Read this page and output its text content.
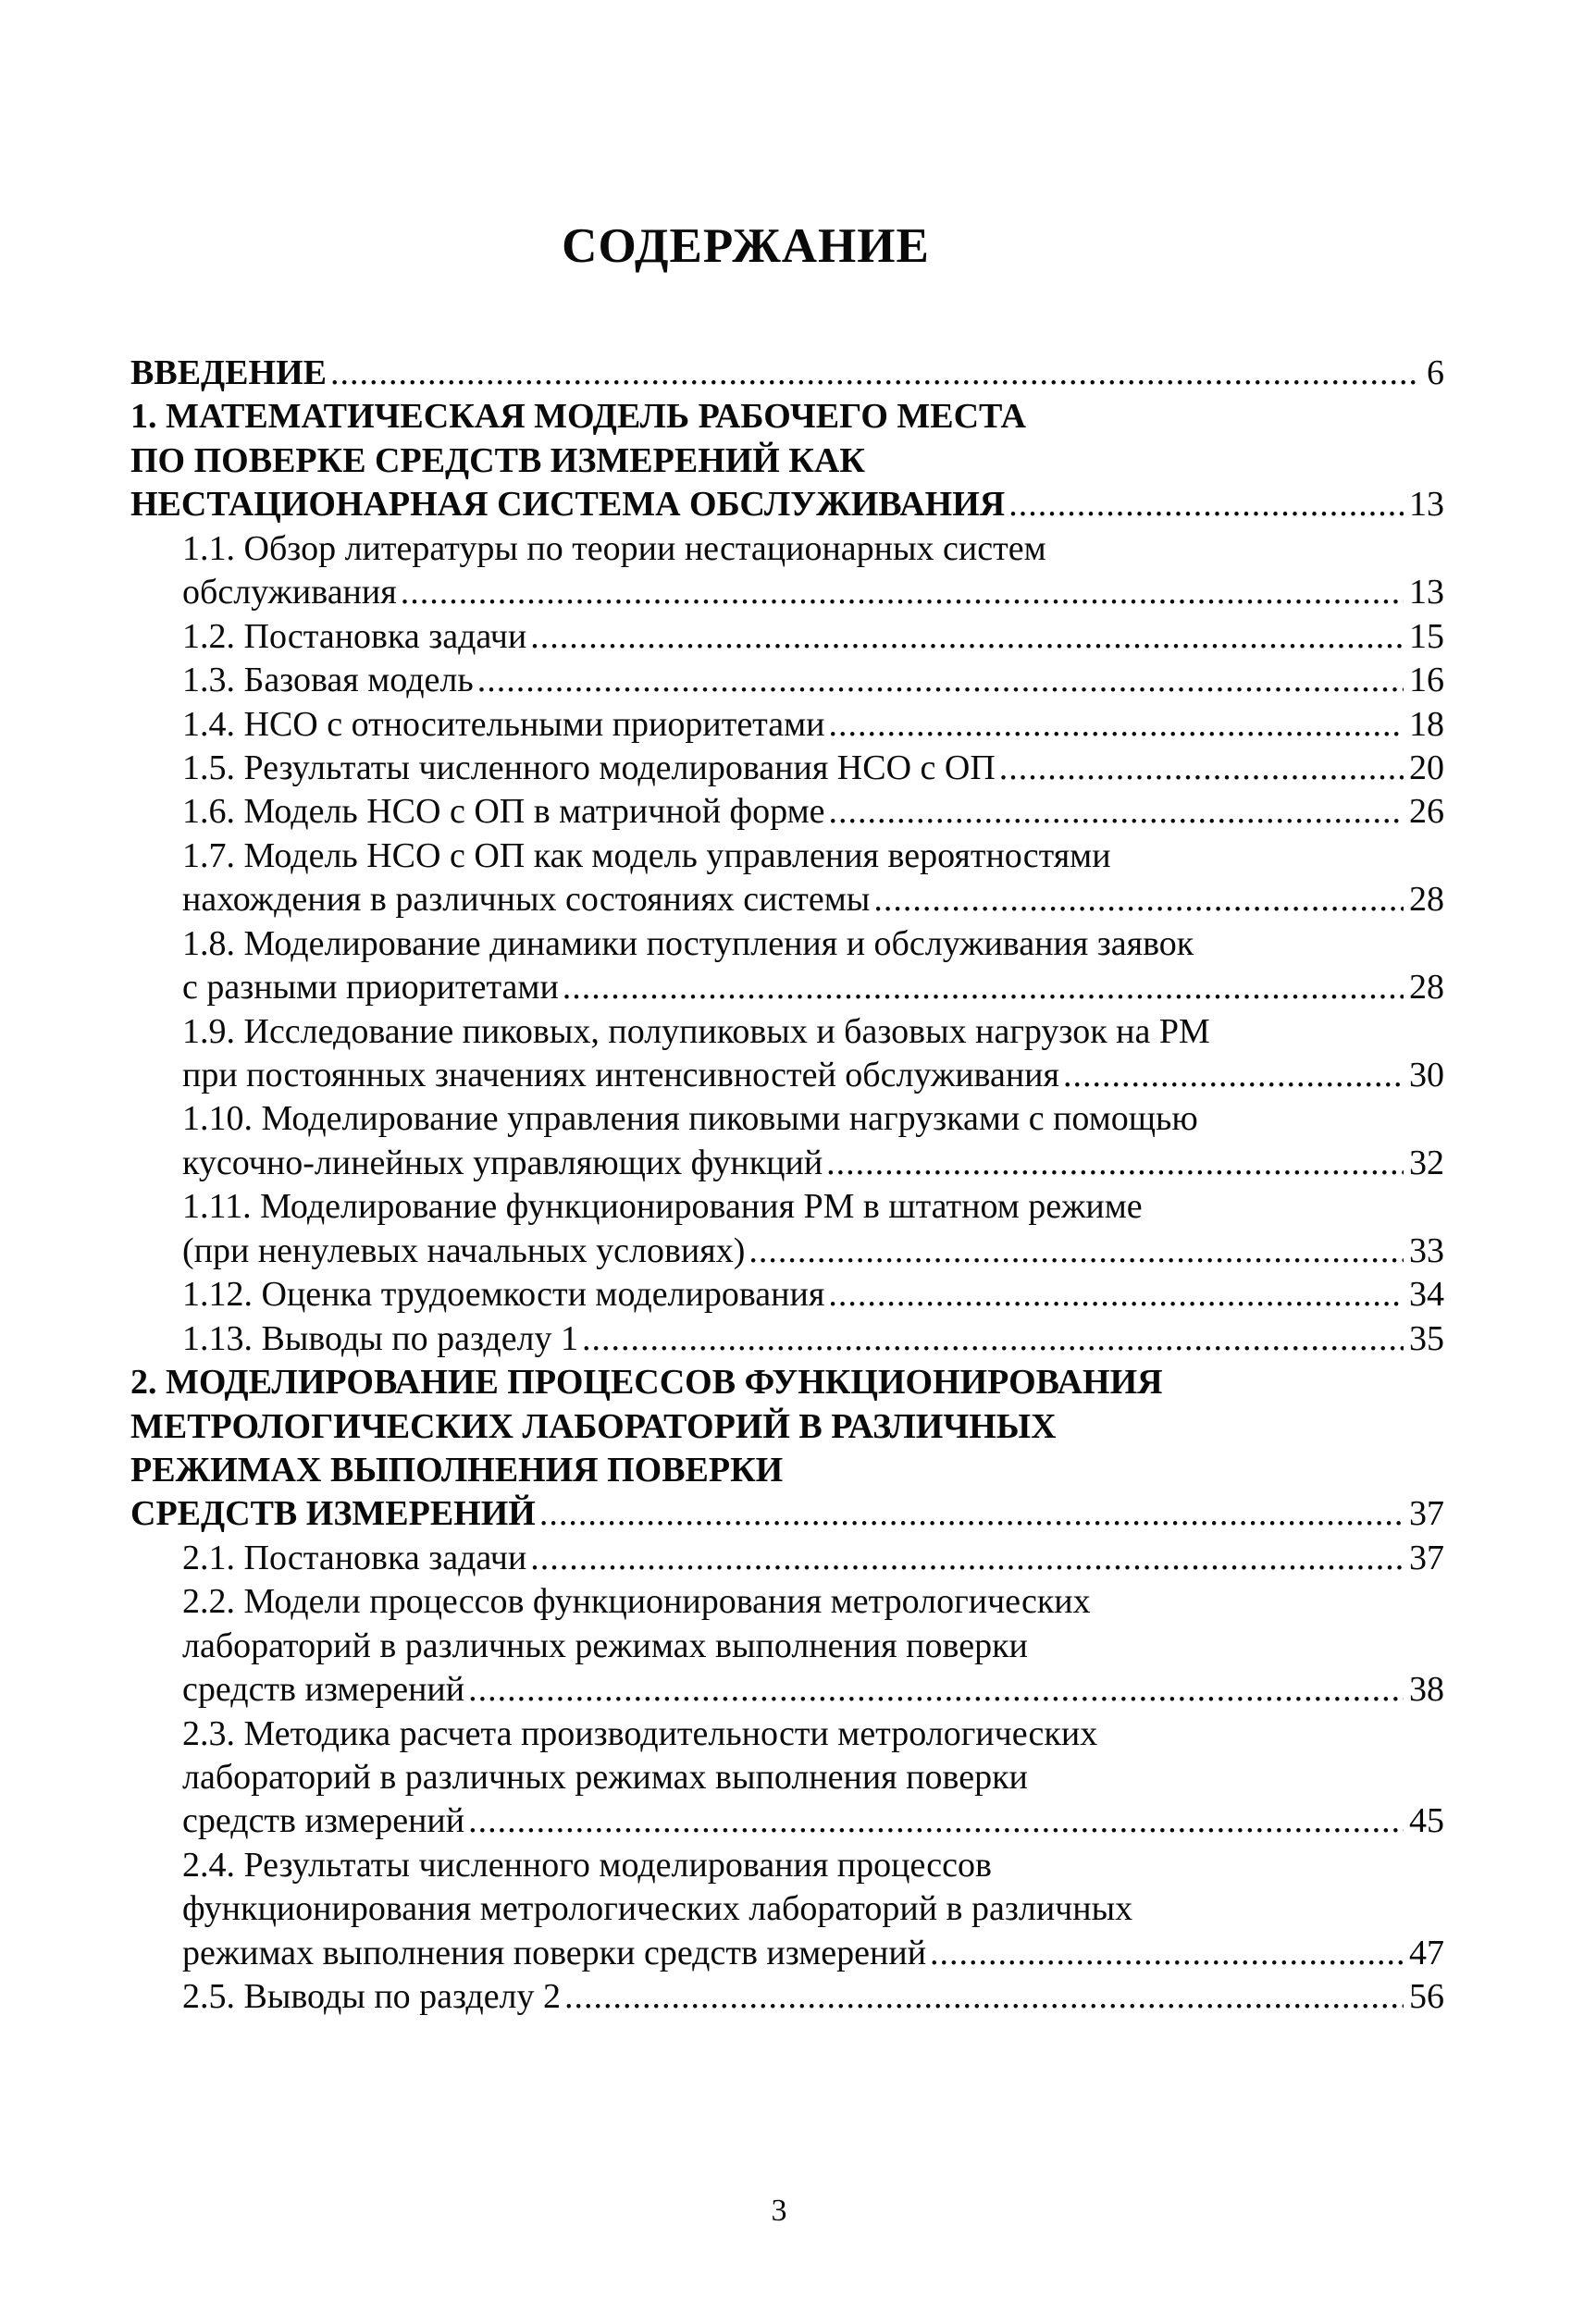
СОДЕРЖАНИЕ
ВВЕДЕНИЕ .....	6
1. МАТЕМАТИЧЕСКАЯ МОДЕЛЬ РАБОЧЕГО МЕСТА
ПО ПОВЕРКЕ СРЕДСТВ ИЗМЕРЕНИЙ КАК
НЕСТАЦИОНАРНАЯ СИСТЕМА ОБСЛУЖИВАНИЯ .....	13
1.1. Обзор литературы по теории нестационарных систем
обслуживания .....	13
1.2. Постановка задачи .....	15
1.3. Базовая модель .....	16
1.4. НСО с относительными приоритетами .....	18
1.5. Результаты численного моделирования НСО с ОП .....	20
1.6. Модель НСО с ОП в матричной форме .....	26
1.7. Модель НСО с ОП как модель управления вероятностями
нахождения в различных состояниях системы .....	28
1.8. Моделирование динамики поступления и обслуживания заявок
с разными приоритетами .....	28
1.9. Исследование пиковых, полупиковых и базовых нагрузок на РМ
при постоянных значениях интенсивностей обслуживания .....	30
1.10. Моделирование управления пиковыми нагрузками с помощью
кусочно-линейных управляющих функций .....	32
1.11. Моделирование функционирования РМ в штатном режиме
(при ненулевых начальных условиях) .....	33
1.12. Оценка трудоемкости моделирования .....	34
1.13. Выводы по разделу 1 .....	35
2. МОДЕЛИРОВАНИЕ ПРОЦЕССОВ ФУНКЦИОНИРОВАНИЯ
МЕТРОЛОГИЧЕСКИХ ЛАБОРАТОРИЙ В РАЗЛИЧНЫХ
РЕЖИМАХ ВЫПОЛНЕНИЯ ПОВЕРКИ
СРЕДСТВ ИЗМЕРЕНИЙ .....	37
2.1. Постановка задачи .....	37
2.2. Модели процессов функционирования метрологических
лабораторий в различных режимах выполнения поверки
средств измерений .....	38
2.3. Методика расчета производительности метрологических
лабораторий в различных режимах выполнения поверки
средств измерений .....	45
2.4. Результаты численного моделирования процессов
функционирования метрологических лабораторий в различных
режимах выполнения поверки средств измерений .....	47
2.5. Выводы по разделу 2 .....	56
3
